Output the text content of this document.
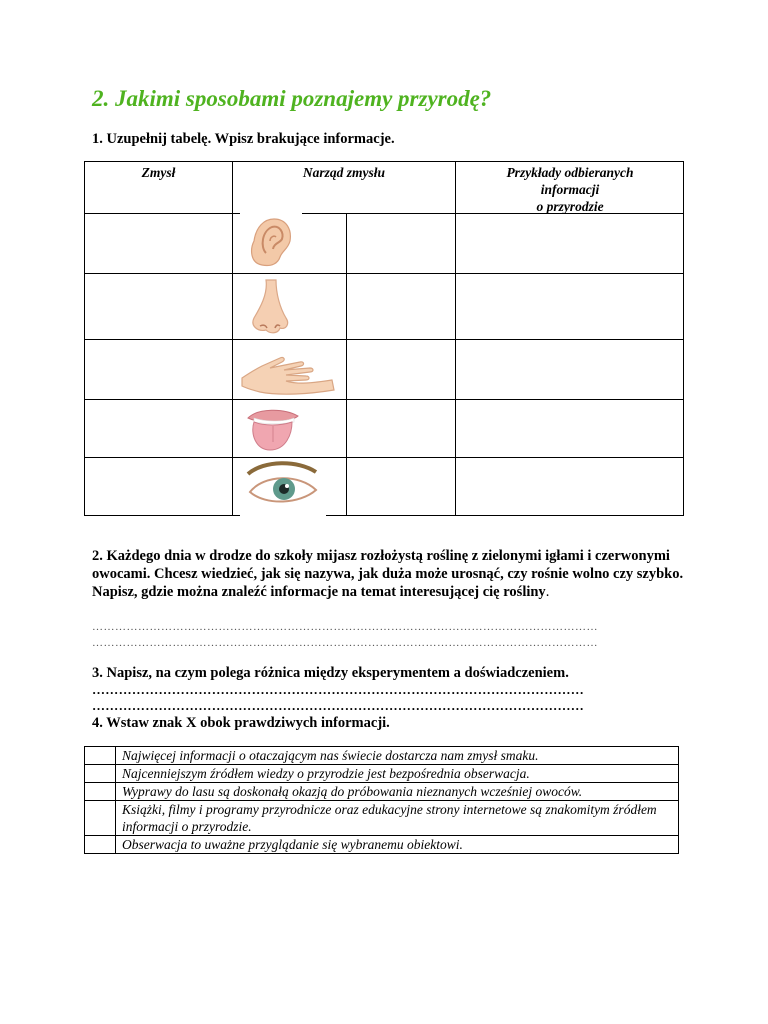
2. Jakimi sposobami poznajemy przyrodę?
1. Uzupełnij tabelę. Wpisz brakujące informacje.
Zmysł	Narząd zmysłu	Przykłady odbieranych
informacji
o przyrodzie
2. Każdego dnia w drodze do szkoły mijasz rozłożystą roślinę z zielonymi igłami i czerwonymi owocami. Chcesz wiedzieć, jak się nazywa, jak duża może urosnąć, czy rośnie wolno czy szybko. Napisz, gdzie można znaleźć informacje na temat interesującej cię rośliny.
……………………………………………………………………………………………………………………
……………………………………………………………………………………………………………………
3. Napisz, na czym polega różnica między eksperymentem a doświadczeniem.
…………………………………………………………………………………………………
…………………………………………………………………………………………………
4. Wstaw znak X obok prawdziwych informacji.
	Najwięcej informacji o otaczającym nas świecie dostarcza nam zmysł smaku.
	Najcenniejszym źródłem wiedzy o przyrodzie jest bezpośrednia obserwacja.
	Wyprawy do lasu są doskonałą okazją do próbowania nieznanych wcześniej owoców.
	Książki, filmy i programy przyrodnicze oraz edukacyjne strony internetowe są znakomitym źródłem informacji o przyrodzie.
	Obserwacja to uważne przyglądanie się wybranemu obiektowi.
